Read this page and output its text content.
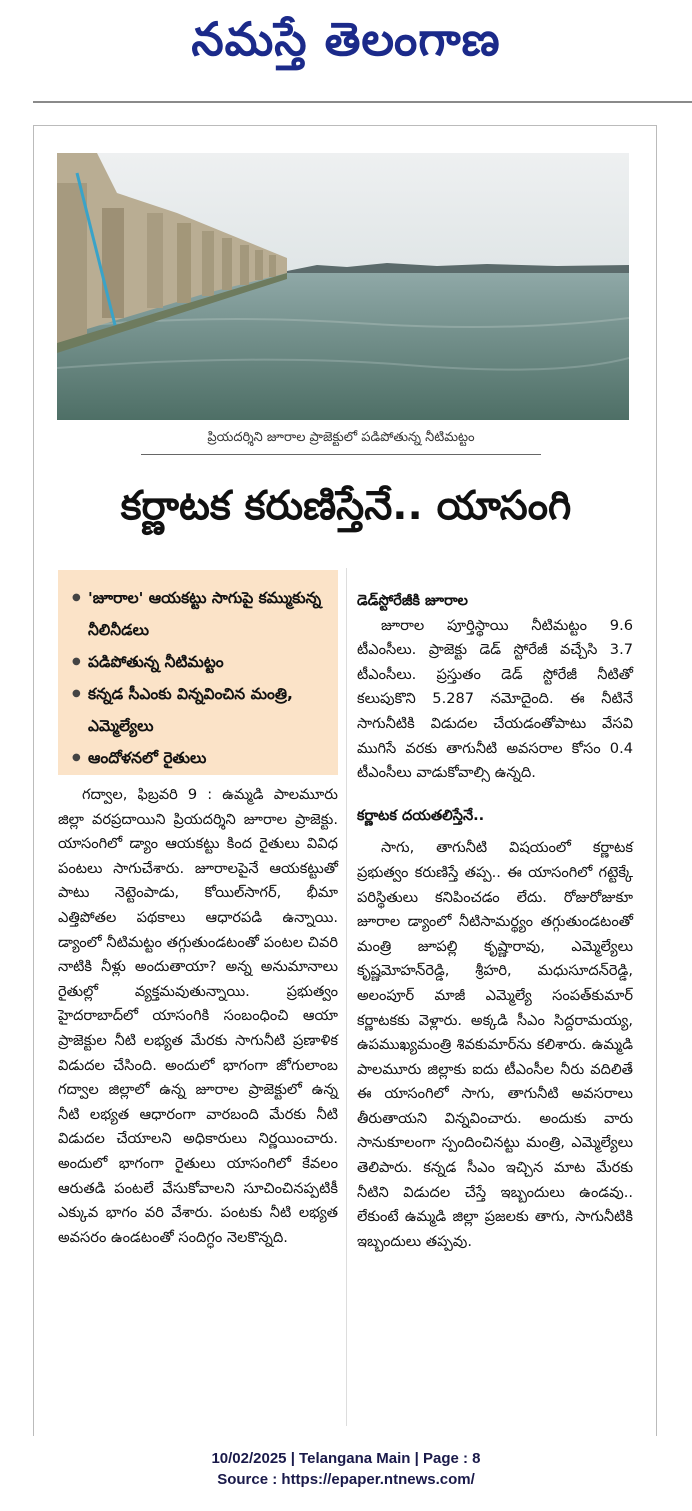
నమస్తే తెలంగాణ
ప్రియదర్శిని జూరాల ప్రాజెక్టులో పడిపోతున్న నీటిమట్టం
కర్ణాటక కరుణిస్తేనే.. యాసంగి
● 'జూరాల' ఆయకట్టు సాగుపై కమ్ముకున్న నీలినీడలు
● పడిపోతున్న నీటిమట్టం
● కన్నడ సీఎంకు విన్నవించిన మంత్రి, ఎమ్మెల్యేలు
● ఆందోళనలో రైతులు

గద్వాల, ఫిబ్రవరి 9 : ఉమ్మడి పాలమూరు జిల్లా వరప్రదాయిని ప్రియదర్శిని జూరాల ప్రాజెక్టు. యాసంగిలో డ్యాం ఆయకట్టు కింద రైతులు వివిధ పంటలు సాగుచేశారు. జూరాలపైనే ఆయకట్టుతో పాటు నెట్టెంపాడు, కోయిల్‌సాగర్, భీమా ఎత్తిపోతల పథకాలు ఆధారపడి ఉన్నాయి. డ్యాంలో నీటిమట్టం తగ్గుతుండటంతో పంటల చివరి నాటికి నీళ్లు అందుతాయా? అన్న అనుమానాలు రైతుల్లో వ్యక్తమవుతున్నాయి. ప్రభుత్వం హైదరాబాద్‌లో యాసంగికి సంబంధించి ఆయా ప్రాజెక్టుల నీటి లభ్యత మేరకు సాగునీటి ప్రణాళిక విడుదల చేసింది. అందులో భాగంగా జోగులాంబ గద్వాల జిల్లాలో ఉన్న జూరాల ప్రాజెక్టులో ఉన్న నీటి లభ్యత ఆధారంగా వారబంది మేరకు నీటి విడుదల చేయాలని అధికారులు నిర్ణయించారు. అందులో భాగంగా రైతులు యాసంగిలో కేవలం ఆరుతడి పంటలే వేసుకోవాలని సూచించినప్పటికీ ఎక్కువ భాగం వరి వేశారు. పంటకు నీటి లభ్యత అవసరం ఉండటంతో సందిగ్ధం నెలకొన్నది.

డెడ్‌స్టోరేజీకి జూరాల

జూరాల పూర్తిస్థాయి నీటిమట్టం 9.6 టీఎంసీలు. ప్రాజెక్టు డెడ్ స్టోరేజీ వచ్చేసి 3.7 టీఎంసీలు. ప్రస్తుతం డెడ్ స్టోరేజీ నీటితో కలుపుకొని 5.287 నమోదైంది. ఈ నీటినే సాగునీటికి విడుదల చేయడంతోపాటు వేసవి ముగిసే వరకు తాగునీటి అవసరాల కోసం 0.4 టీఎంసీలు వాడుకోవాల్సి ఉన్నది.

కర్ణాటక దయతలిస్తేనే..

సాగు, తాగునీటి విషయంలో కర్ణాటక ప్రభుత్వం కరుణిస్తే తప్ప.. ఈ యాసంగిలో గట్టెక్కే పరిస్థితులు కనిపించడం లేదు. రోజురోజుకూ జూరాల డ్యాంలో నీటిసామర్థ్యం తగ్గుతుండటంతో మంత్రి జూపల్లి కృష్ణారావు, ఎమ్మెల్యేలు కృష్ణమోహన్‌రెడ్డి, శ్రీహరి, మధుసూదన్‌రెడ్డి, అలంపూర్ మాజీ ఎమ్మెల్యే సంపత్‌కుమార్ కర్ణాటకకు వెళ్లారు. అక్కడి సీఎం సిద్దరామయ్య, ఉపముఖ్యమంత్రి శివకుమార్‌ను కలిశారు. ఉమ్మడి పాలమూరు జిల్లాకు ఐదు టీఎంసీల నీరు వదిలితే ఈ యాసంగిలో సాగు, తాగునీటి అవసరాలు తీరుతాయని విన్నవించారు. అందుకు వారు సానుకూలంగా స్పందించినట్టు మంత్రి, ఎమ్మెల్యేలు తెలిపారు. కన్నడ సీఎం ఇచ్చిన మాట మేరకు నీటిని విడుదల చేస్తే ఇబ్బందులు ఉండవు.. లేకుంటే ఉమ్మడి జిల్లా ప్రజలకు తాగు, సాగునీటికి ఇబ్బందులు తప్పవు.

10/02/2025 | Telangana Main | Page : 8
Source : https://epaper.ntnews.com/
